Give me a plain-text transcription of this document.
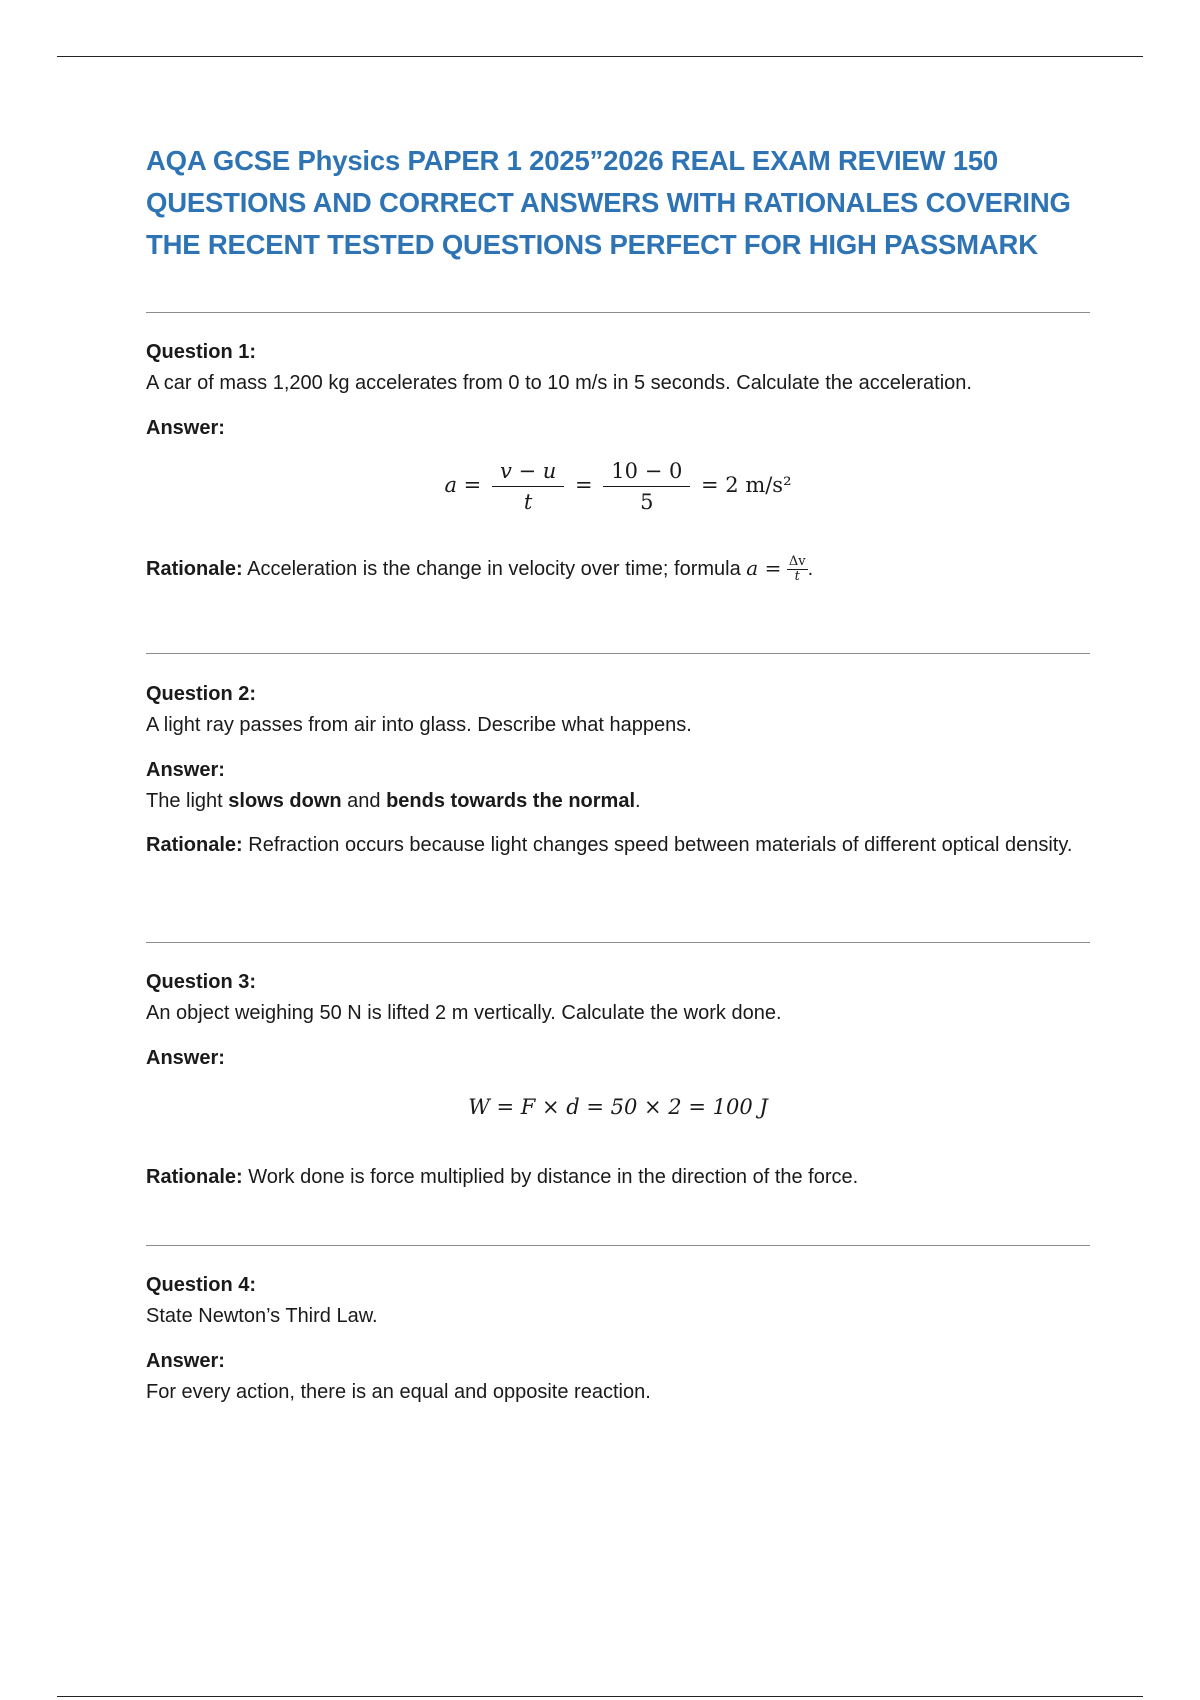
AQA GCSE Physics PAPER 1 2025”2026 REAL EXAM REVIEW 150 QUESTIONS AND CORRECT ANSWERS WITH RATIONALES COVERING THE RECENT TESTED QUESTIONS PERFECT FOR HIGH PASSMARK

Question 1:

A car of mass 1,200 kg accelerates from 0 to 10 m/s in 5 seconds. Calculate the acceleration.

Answer:

$a = \frac{v - u}{t} = \frac{10 - 0}{5} = 2$ m/s²

Rationale: Acceleration is the change in velocity over time; formula $a = \frac{\Delta v}{t}$ .

Question 2:

A light ray passes from air into glass. Describe what happens.

Answer:

The light slows down and bends towards the normal.

Rationale: Refraction occurs because light changes speed between materials of different optical density.

Question 3:

An object weighing 50 N is lifted 2 m vertically. Calculate the work done.

Answer:

W = F × d = 50 × 2 = 100 J

Rationale: Work done is force multiplied by distance in the direction of the force.

Question 4:

State Newton’s Third Law.

Answer:

For every action, there is an equal and opposite reaction.
